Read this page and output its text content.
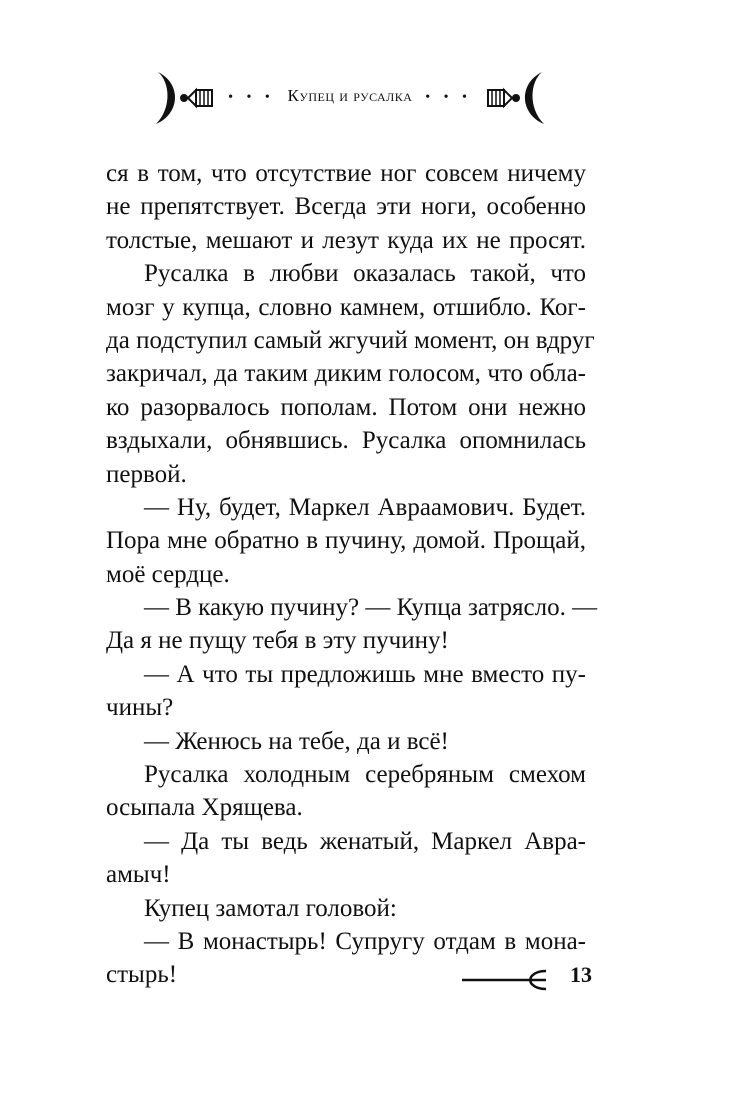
• • • Купец и русалка • • •
ся в том, что отсутствие ног совсем ничему
не препятствует. Всегда эти ноги, особенно
толстые, мешают и лезут куда их не просят.
Русалка в любви оказалась такой, что
мозг у купца, словно камнем, отшибло. Ког-
да подступил самый жгучий момент, он вдруг
закричал, да таким диким голосом, что обла-
ко разорвалось пополам. Потом они нежно
вздыхали, обнявшись. Русалка опомнилась
первой.
— Ну, будет, Маркел Авраамович. Будет.
Пора мне обратно в пучину, домой. Прощай,
моё сердце.
— В какую пучину? — Купца затрясло. —
Да я не пущу тебя в эту пучину!
— А что ты предложишь мне вместо пу-
чины?
— Женюсь на тебе, да и всё!
Русалка холодным серебряным смехом
осыпала Хрящева.
— Да ты ведь женатый, Маркел Авра-
амыч!
Купец замотал головой:
— В монастырь! Супругу отдам в мона-
стырь!	13
